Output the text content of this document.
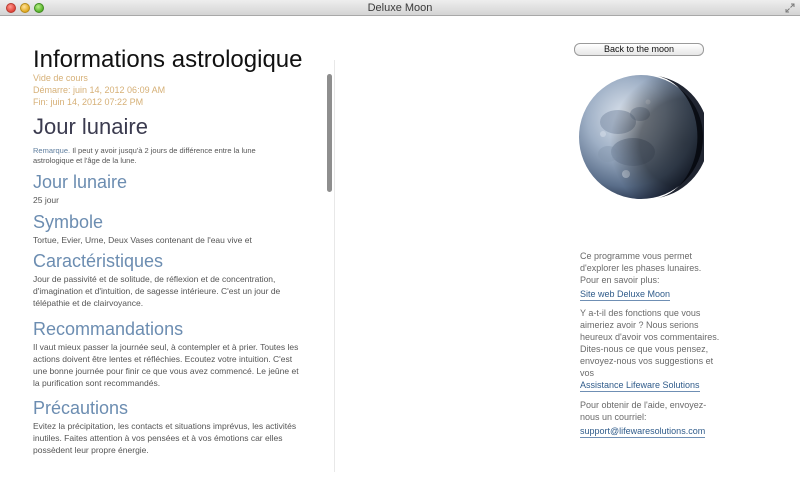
Deluxe Moon
Informations astrologique
Vide de cours
Démarre: juin 14, 2012 06:09 AM
Fin: juin 14, 2012 07:22 PM
Jour lunaire
Remarque. Il peut y avoir jusqu'à 2 jours de différence entre la lune astrologique et l'âge de la lune.
Jour lunaire
25 jour
Symbole
Tortue, Evier, Urne, Deux Vases contenant de l'eau vive et
Caractéristiques
Jour de passivité et de solitude, de réflexion et de concentration, d'imagination et d'intuition, de sagesse intérieure. C'est un jour de télépathie et de clairvoyance.
Recommandations
Il vaut mieux passer la journée seul, à contempler et à prier. Toutes les actions doivent être lentes et réfléchies. Ecoutez votre intuition. C'est une bonne journée pour finir ce que vous avez commencé. Le jeûne et la purification sont recommandés.
Précautions
Evitez la précipitation, les contacts et situations imprévus, les activités inutiles. Faites attention à vos pensées et à vos émotions car elles possèdent leur propre énergie.
Back to the moon
Ce programme vous permet d'explorer les phases lunaires. Pour en savoir plus:
Site web Deluxe Moon
Y a-t-il des fonctions que vous aimeriez avoir ? Nous serions heureux d'avoir vos commentaires. Dites-nous ce que vous pensez, envoyez-nous vos suggestions et vos
Assistance Lifeware Solutions
Pour obtenir de l'aide, envoyez-nous un courriel:
support@lifewaresolutions.com
